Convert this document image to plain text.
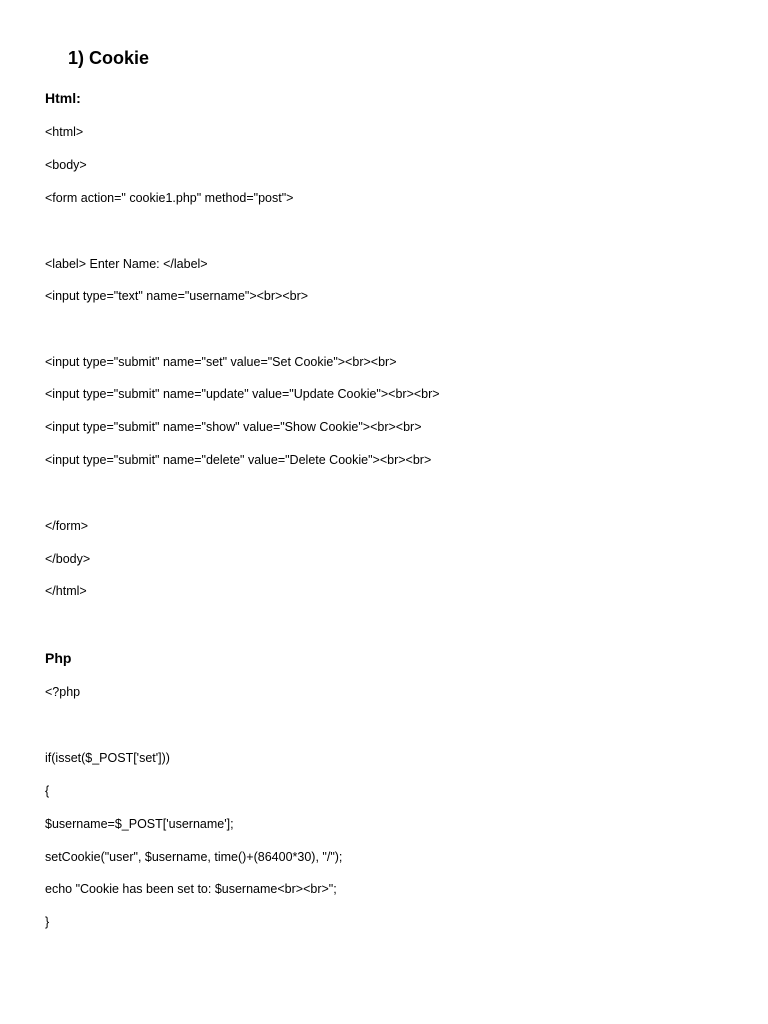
1) Cookie
Html:
<html>
<body>
<form action=" cookie1.php" method="post">
<label> Enter Name: </label>
<input type="text" name="username"><br><br>
<input type="submit" name="set" value="Set Cookie"><br><br>
<input type="submit" name="update" value="Update Cookie"><br><br>
<input type="submit" name="show" value="Show Cookie"><br><br>
<input type="submit" name="delete" value="Delete Cookie"><br><br>
</form>
</body>
</html>
Php
<?php
if(isset($_POST['set']))
{
$username=$_POST['username'];
setCookie("user", $username, time()+(86400*30), "/");
echo "Cookie has been set to: $username<br><br>";
}
